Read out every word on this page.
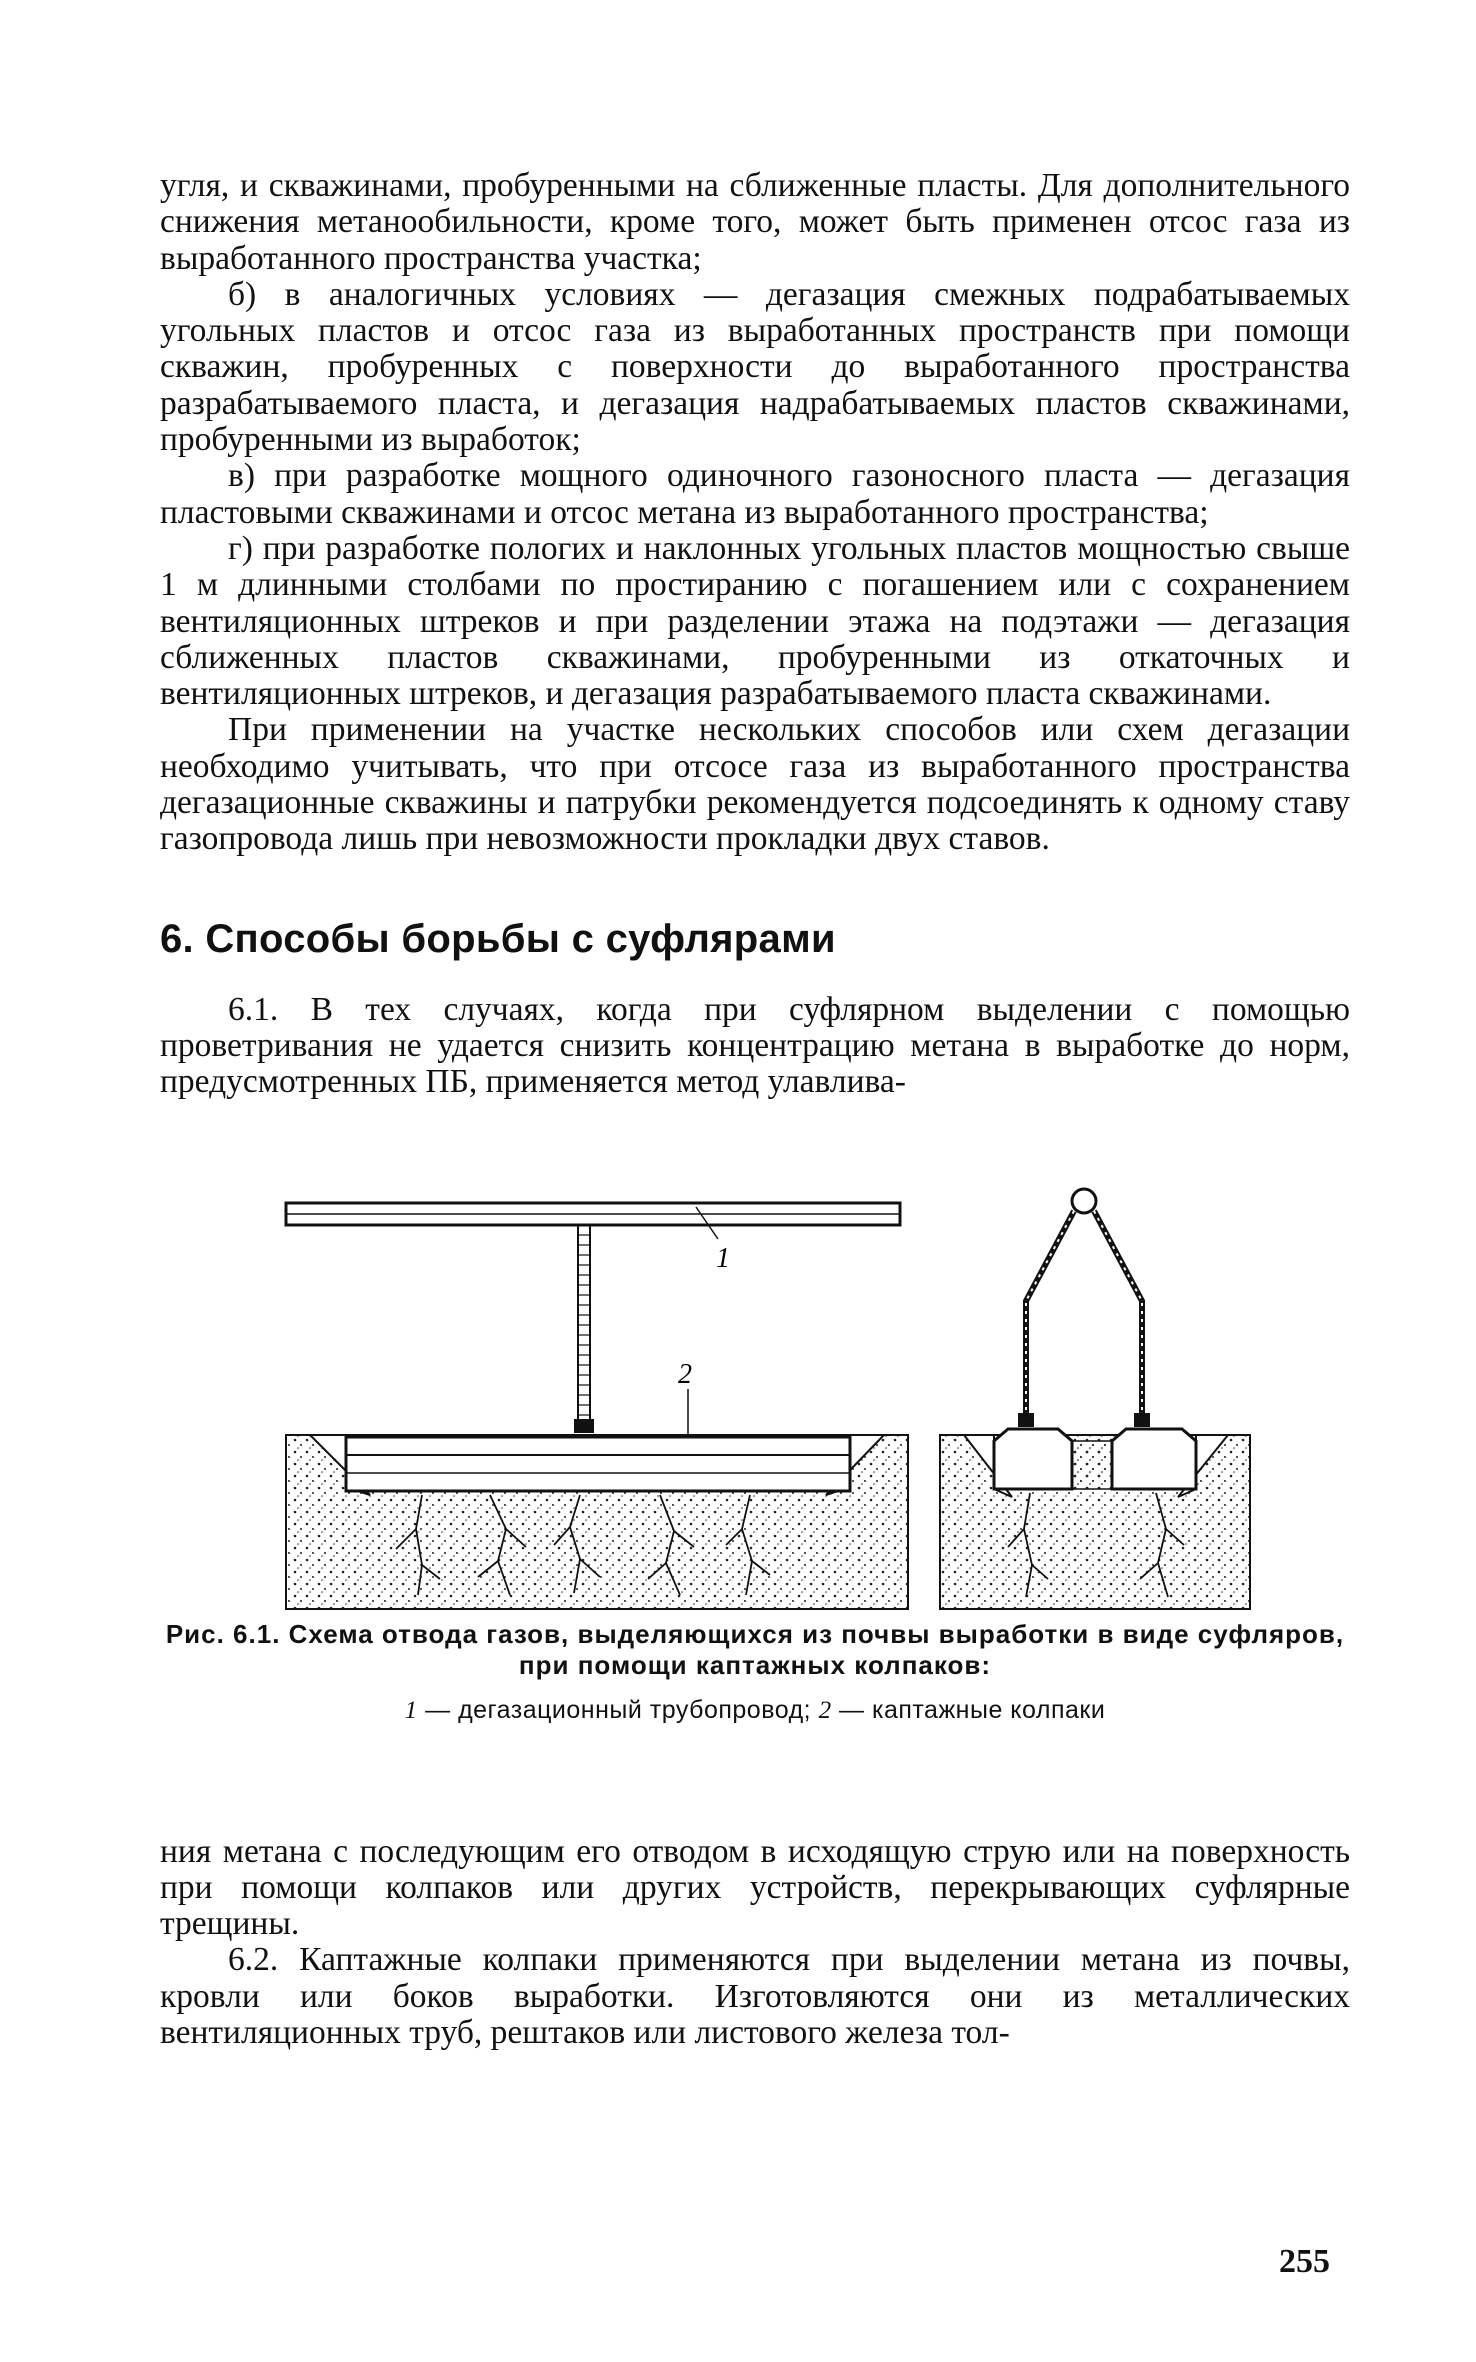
угля, и скважинами, пробуренными на сближенные пласты. Для дополнительного снижения метанообильности, кроме того, может быть применен отсос газа из выработанного пространства участка;

б) в аналогичных условиях — дегазация смежных подрабатываемых угольных пластов и отсос газа из выработанных пространств при помощи скважин, пробуренных с поверхности до выработанного пространства разрабатываемого пласта, и дегазация надрабатываемых пластов скважинами, пробуренными из выработок;

в) при разработке мощного одиночного газоносного пласта — дегазация пластовыми скважинами и отсос метана из выработанного пространства;

г) при разработке пологих и наклонных угольных пластов мощностью свыше 1 м длинными столбами по простиранию с погашением или с сохранением вентиляционных штреков и при разделении этажа на подэтажи — дегазация сближенных пластов скважинами, пробуренными из откаточных и вентиляционных штреков, и дегазация разрабатываемого пласта скважинами.

При применении на участке нескольких способов или схем дегазации необходимо учитывать, что при отсосе газа из выработанного пространства дегазационные скважины и патрубки рекомендуется подсоединять к одному ставу газопровода лишь при невозможности прокладки двух ставов.

6. Способы борьбы с суфлярами

6.1. В тех случаях, когда при суфлярном выделении с помощью проветривания не удается снизить концентрацию метана в выработке до норм, предусмотренных ПБ, применяется метод улавлива-

1
2
Рис. 6.1. Схема отвода газов, выделяющихся из почвы выработки в виде суфляров, при помощи каптажных колпаков:
1 — дегазационный трубопровод; 2 — каптажные колпаки

ния метана с последующим его отводом в исходящую струю или на поверхность при помощи колпаков или других устройств, перекрывающих суфлярные трещины.

6.2. Каптажные колпаки применяются при выделении метана из почвы, кровли или боков выработки. Изготовляются они из металлических вентиляционных труб, рештаков или листового железа тол-

255
